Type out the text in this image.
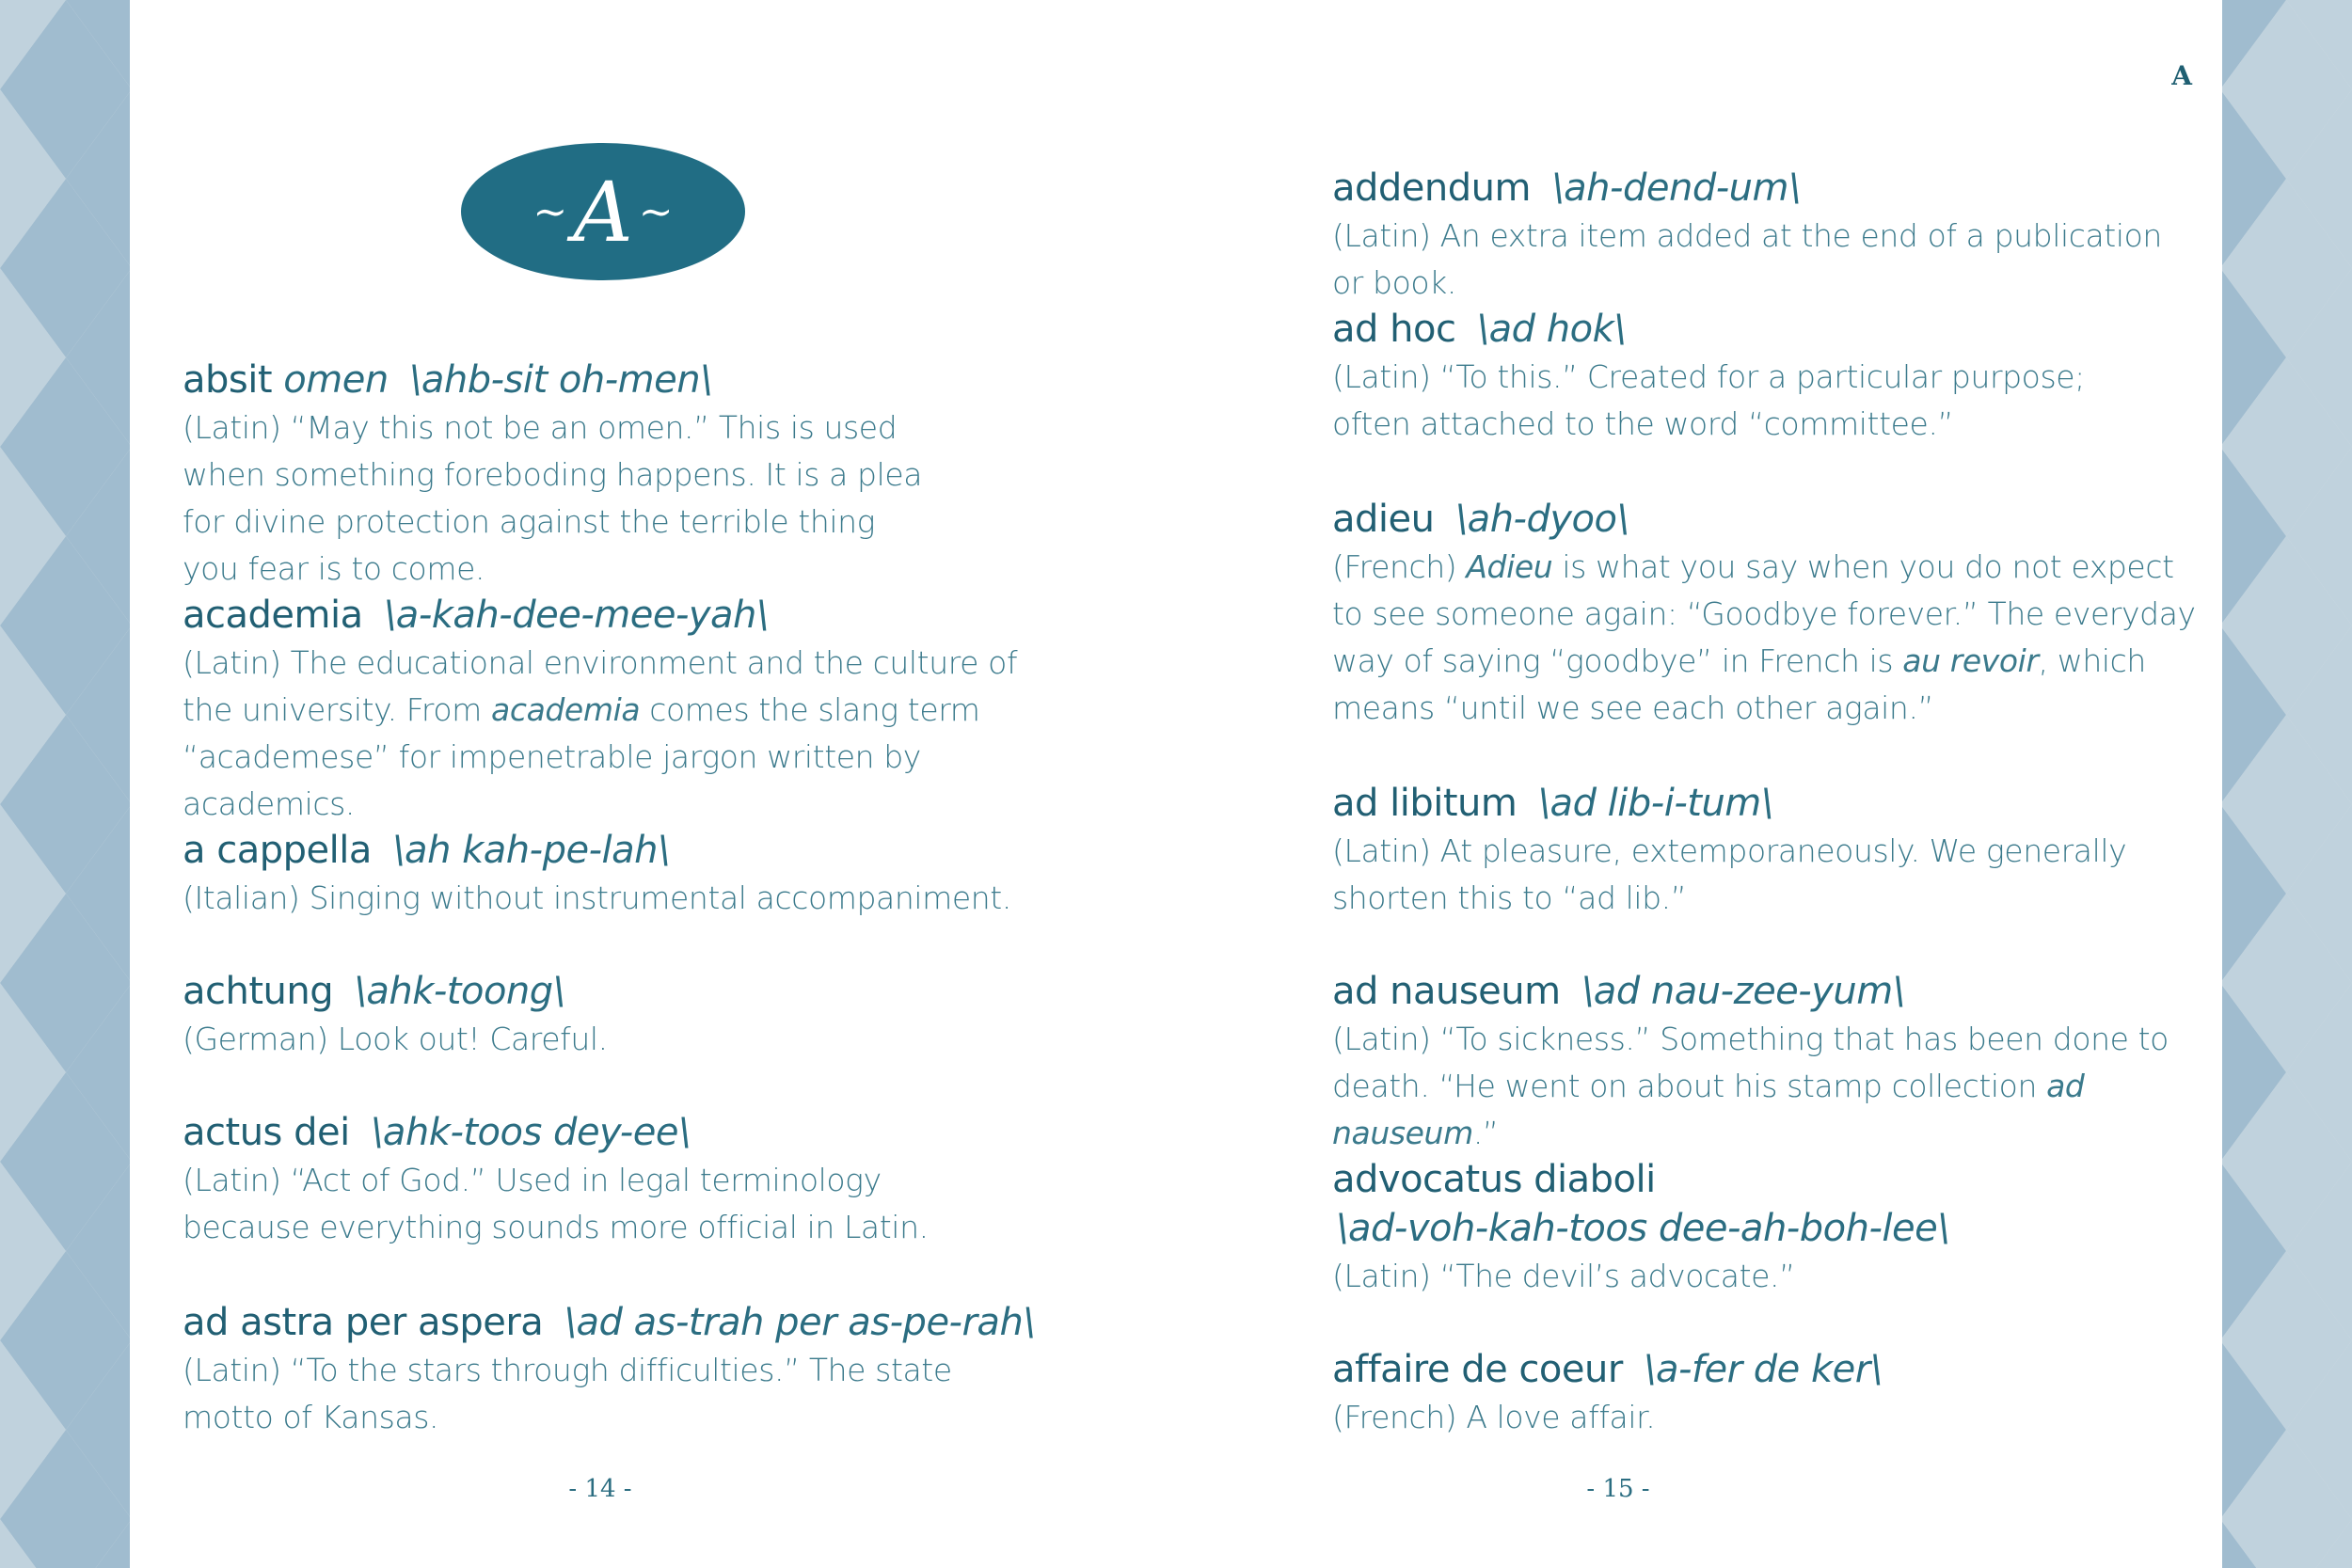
~ A ~
absit omen \ahb-sit oh-men\
(Latin) “May this not be an omen.” This is used when something foreboding happens. It is a plea for divine protection against the terrible thing you fear is to come.
academia \a-kah-dee-mee-yah\
(Latin) The educational environment and the culture of the university. From academia comes the slang term “academese” for impenetrable jargon written by academics.
a cappella \ah kah-pe-lah\
(Italian) Singing without instrumental accompaniment.
achtung \ahk-toong\
(German) Look out! Careful.
actus dei \ahk-toos dey-ee\
(Latin) “Act of God.” Used in legal terminology because everything sounds more official in Latin.
ad astra per aspera \ad as-trah per as-pe-rah\
(Latin) “To the stars through difficulties.” The state motto of Kansas.
- 14 -
A
addendum \ah-dend-um\
(Latin) An extra item added at the end of a publication or book.
ad hoc \ad hok\
(Latin) “To this.” Created for a particular purpose; often attached to the word “committee.”
adieu \ah-dyoo\
(French) Adieu is what you say when you do not expect to see someone again: “Goodbye forever.” The everyday way of saying “goodbye” in French is au revoir, which means “until we see each other again.”
ad libitum \ad lib-i-tum\
(Latin) At pleasure, extemporaneously. We generally shorten this to “ad lib.”
ad nauseum \ad nau-zee-yum\
(Latin) “To sickness.” Something that has been done to death. “He went on about his stamp collection ad nauseum.”
advocatus diaboli
\ad-voh-kah-toos dee-ah-boh-lee\
(Latin) “The devil’s advocate.”
affaire de coeur \a-fer de ker\
(French) A love affair.
- 15 -
